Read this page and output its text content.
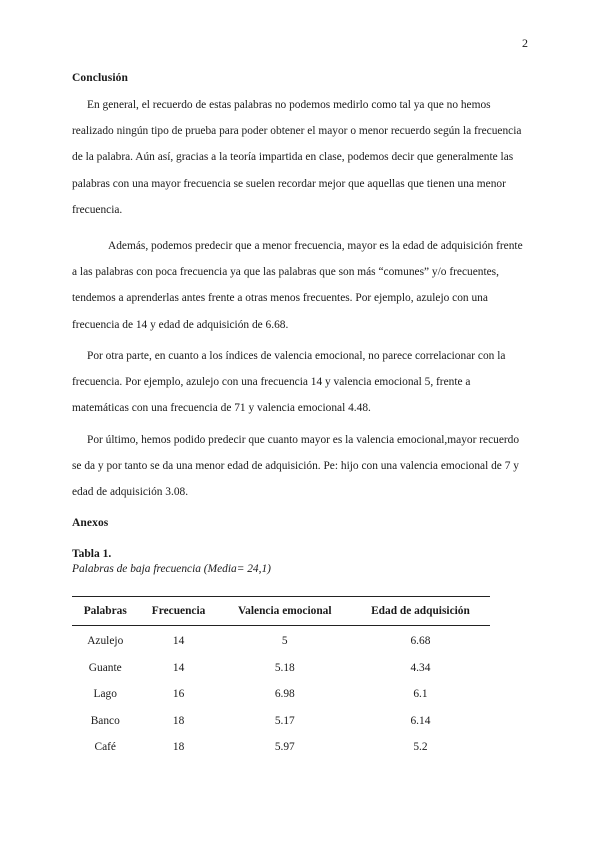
2
Conclusión

En general, el recuerdo de estas palabras no podemos medirlo como tal ya que no hemos realizado ningún tipo de prueba para poder obtener el mayor o menor recuerdo según la frecuencia de la palabra. Aún así, gracias a la teoría impartida en clase, podemos decir que generalmente las palabras con una mayor frecuencia se suelen recordar mejor que aquellas que tienen una menor frecuencia.

Además, podemos predecir que a menor frecuencia, mayor es la edad de adquisición frente a las palabras con poca frecuencia ya que las palabras que son más “comunes” y/o frecuentes, tendemos a aprenderlas antes frente a otras menos frecuentes. Por ejemplo, azulejo con una frecuencia de 14 y edad de adquisición de 6.68.

Por otra parte, en cuanto a los índices de valencia emocional, no parece correlacionar con la frecuencia. Por ejemplo, azulejo con una frecuencia 14 y valencia emocional 5, frente a matemáticas con una frecuencia de 71 y valencia emocional 4.48.

Por último, hemos podido predecir que cuanto mayor es la valencia emocional,mayor recuerdo se da y por tanto se da una menor edad de adquisición. Pe: hijo con una valencia emocional de 7 y edad de adquisición 3.08.

Anexos
Tabla 1.
Palabras de baja frecuencia (Media= 24,1)
Palabras	Frecuencia	Valencia emocional	Edad de adquisición
Azulejo	14	5	6.68
Guante	14	5.18	4.34
Lago	16	6.98	6.1
Banco	18	5.17	6.14
Café	18	5.97	5.2
